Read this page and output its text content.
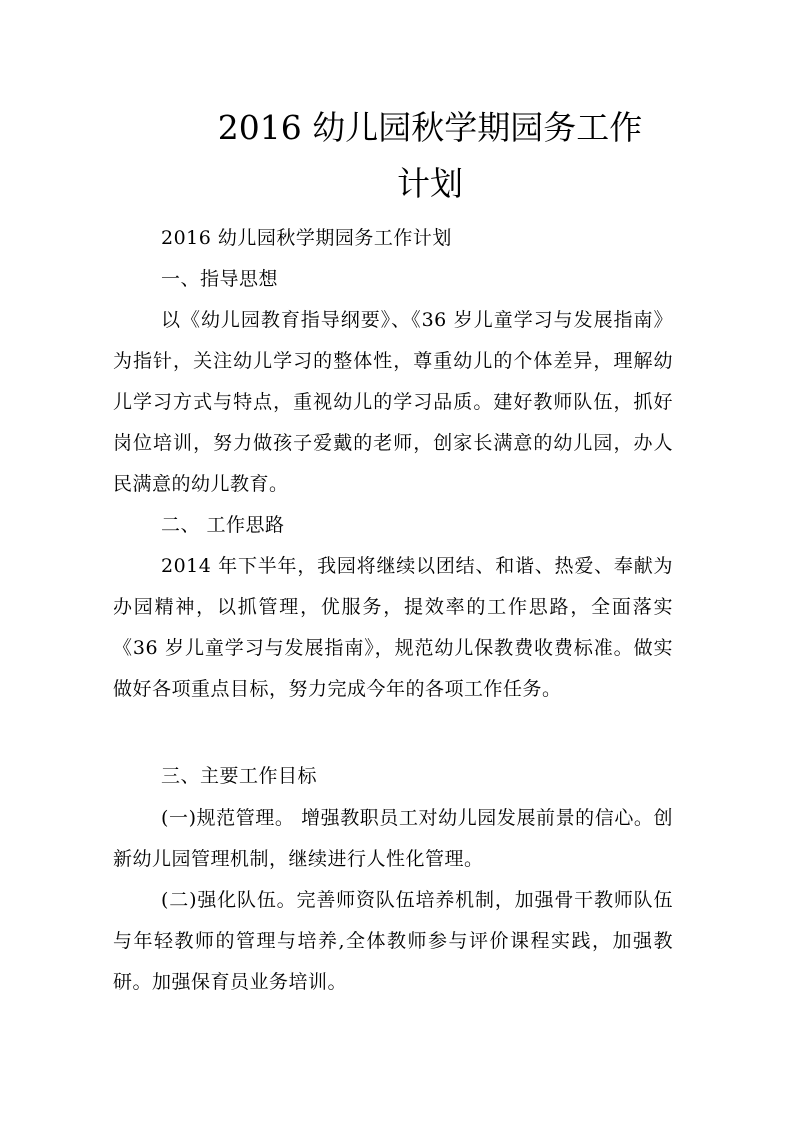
2016 幼儿园秋学期园务工作
计划
2016 幼儿园秋学期园务工作计划
一、指导思想
以《幼儿园教育指导纲要》、《36 岁儿童学习与发展指南》为指针，关注幼儿学习的整体性，尊重幼儿的个体差异，理解幼儿学习方式与特点，重视幼儿的学习品质。建好教师队伍，抓好岗位培训，努力做孩子爱戴的老师，创家长满意的幼儿园，办人民满意的幼儿教育。
二、 工作思路
2014 年下半年，我园将继续以团结、和谐、热爱、奉献为办园精神，以抓管理，优服务，提效率的工作思路，全面落实《36 岁儿童学习与发展指南》，规范幼儿保教费收费标准。做实做好各项重点目标，努力完成今年的各项工作任务。
三、主要工作目标
(一)规范管理。 增强教职员工对幼儿园发展前景的信心。创新幼儿园管理机制，继续进行人性化管理。
(二)强化队伍。完善师资队伍培养机制，加强骨干教师队伍与年轻教师的管理与培养,全体教师参与评价课程实践，加强教研。加强保育员业务培训。
